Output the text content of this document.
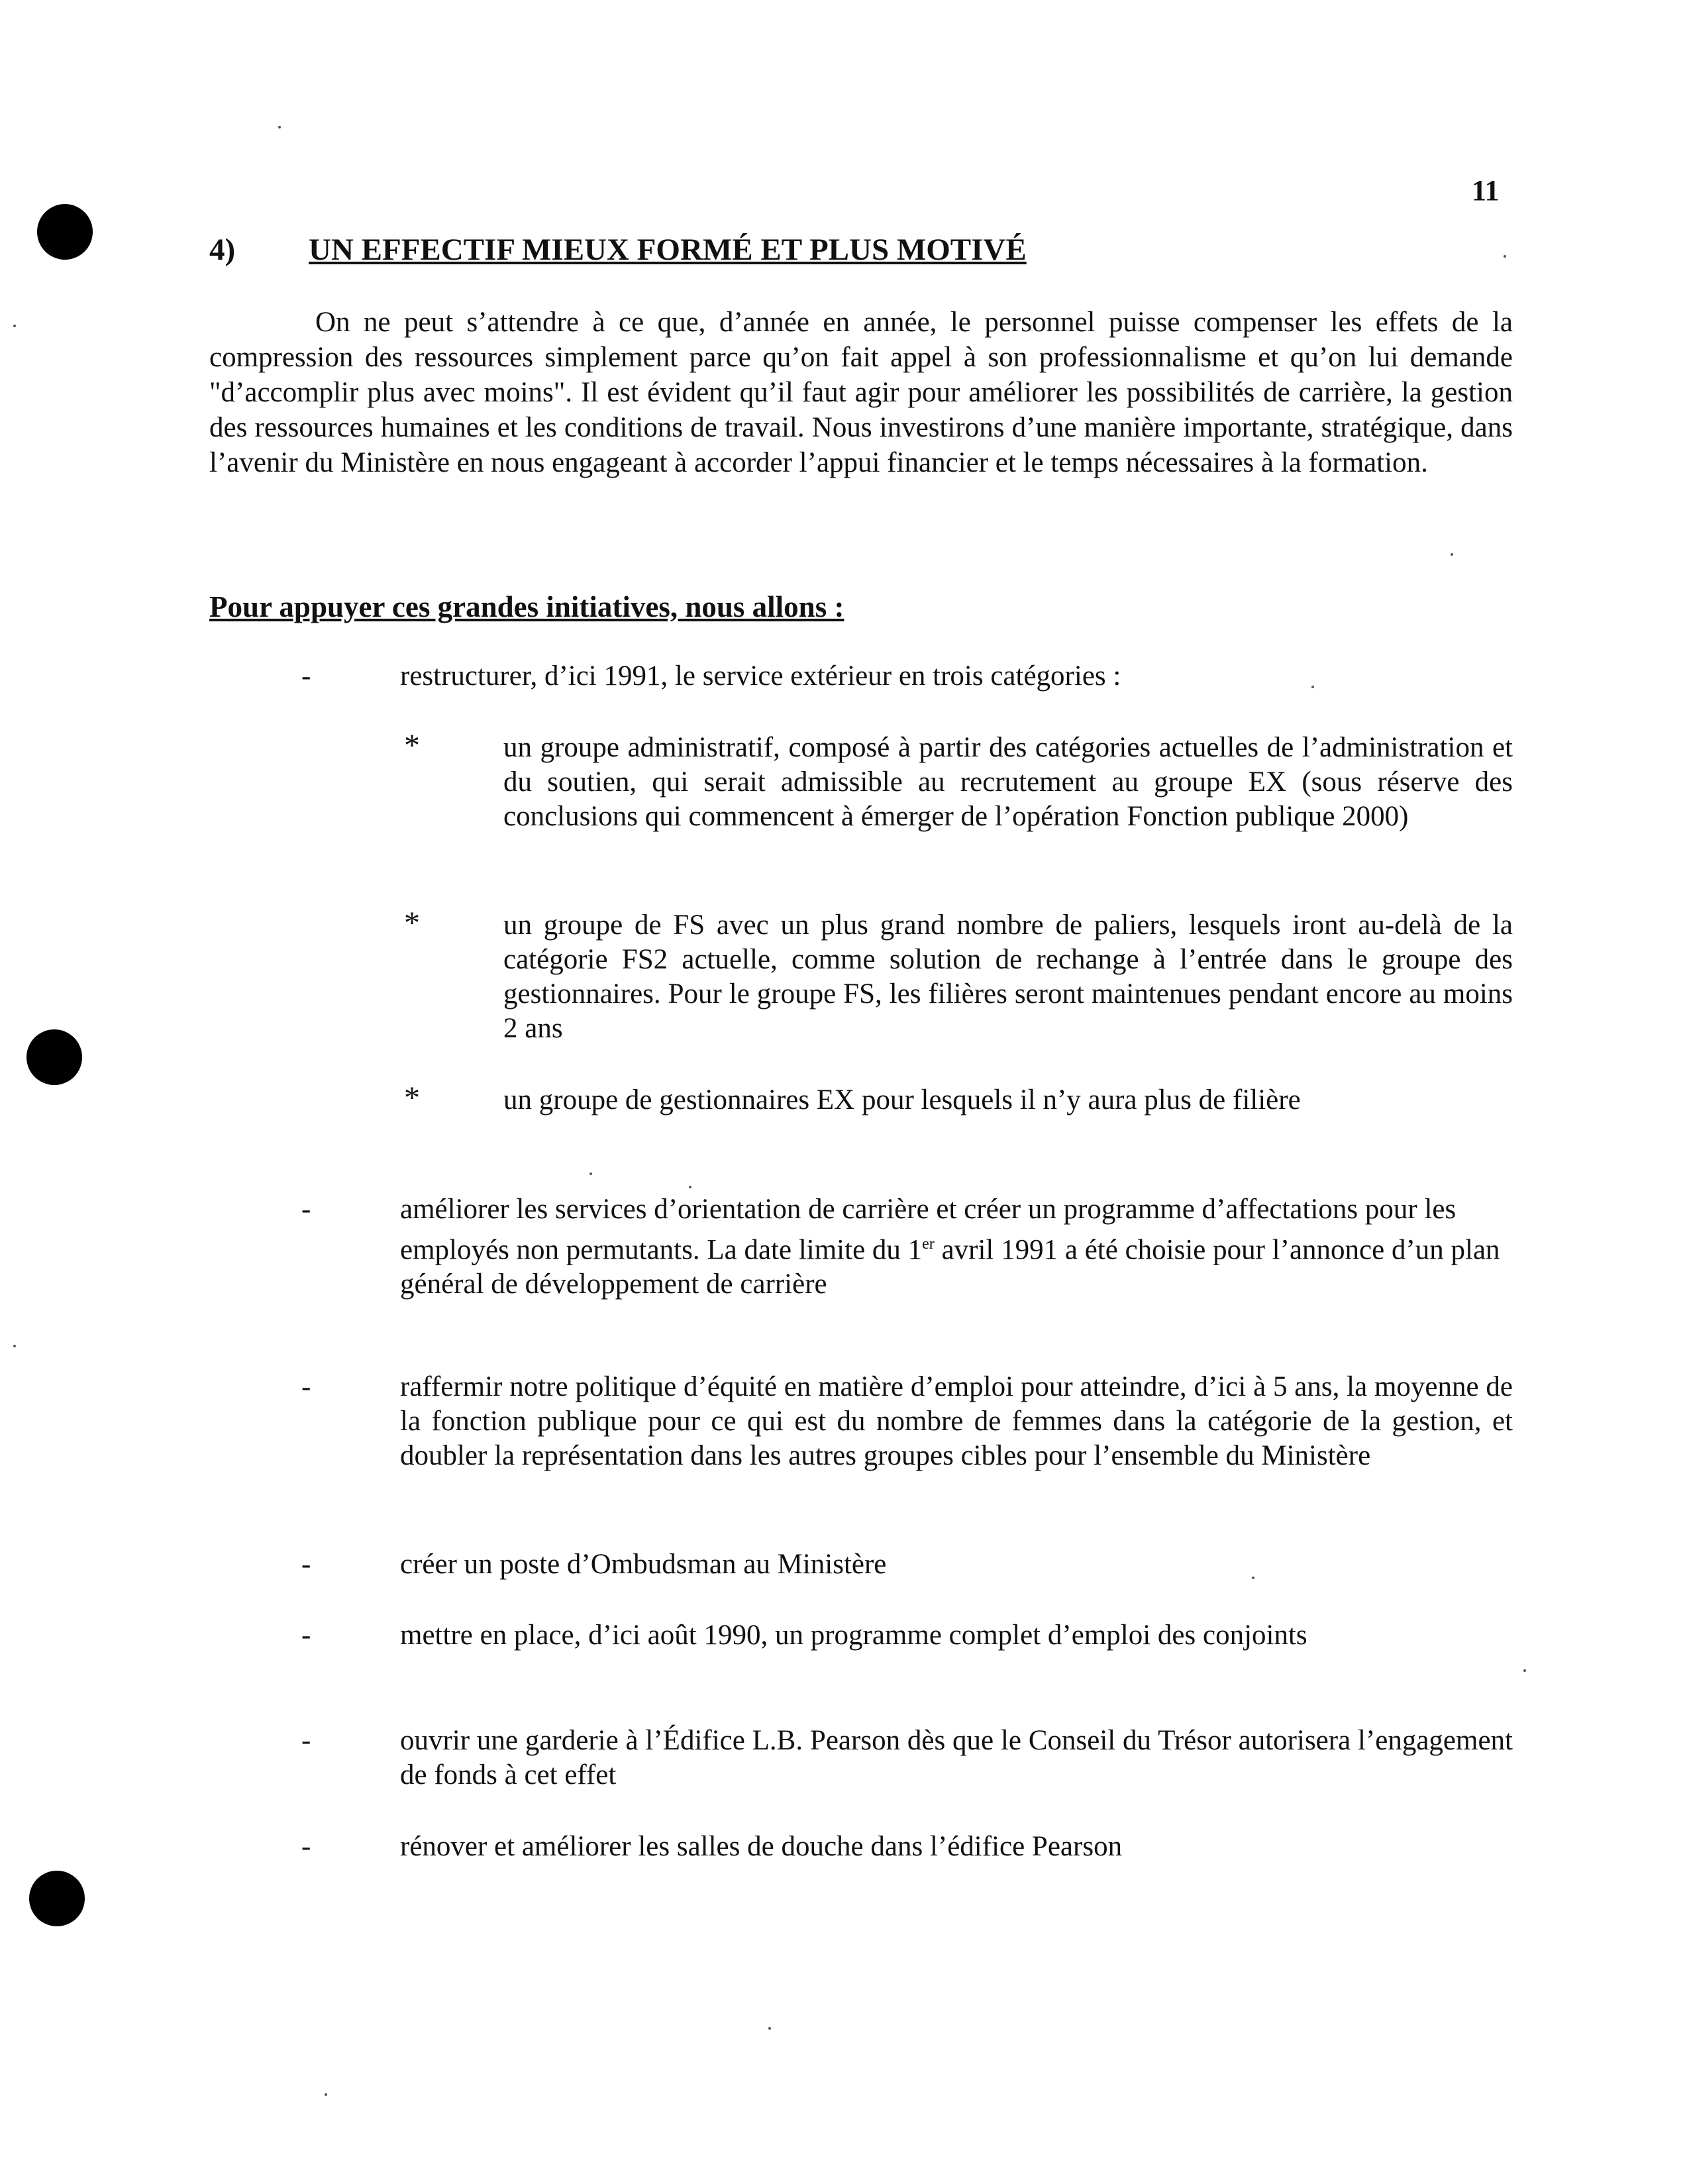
11
4) UN EFFECTIF MIEUX FORMÉ ET PLUS MOTIVÉ

On ne peut s’attendre à ce que, d’année en année, le personnel puisse compenser les effets de la compression des ressources simplement parce qu’on fait appel à son professionnalisme et qu’on lui demande "d’accomplir plus avec moins". Il est évident qu’il faut agir pour améliorer les possibilités de carrière, la gestion des ressources humaines et les conditions de travail. Nous investirons d’une manière importante, stratégique, dans l’avenir du Ministère en nous engageant à accorder l’appui financier et le temps nécessaires à la formation.

Pour appuyer ces grandes initiatives, nous allons :
-	restructurer, d’ici 1991, le service extérieur en trois catégories :
*	un groupe administratif, composé à partir des catégories actuelles de l’administration et du soutien, qui serait admissible au recrutement au groupe EX (sous réserve des conclusions qui commencent à émerger de l’opération Fonction publique 2000)
*	un groupe de FS avec un plus grand nombre de paliers, lesquels iront au-delà de la catégorie FS2 actuelle, comme solution de rechange à l’entrée dans le groupe des gestionnaires. Pour le groupe FS, les filières seront maintenues pendant encore au moins 2 ans
*	un groupe de gestionnaires EX pour lesquels il n’y aura plus de filière
-	améliorer les services d’orientation de carrière et créer un programme d’affectations pour les employés non permutants. La date limite du 1er avril 1991 a été choisie pour l’annonce d’un plan général de développement de carrière
-	raffermir notre politique d’équité en matière d’emploi pour atteindre, d’ici à 5 ans, la moyenne de la fonction publique pour ce qui est du nombre de femmes dans la catégorie de la gestion, et doubler la représentation dans les autres groupes cibles pour l’ensemble du Ministère
-	créer un poste d’Ombudsman au Ministère
-	mettre en place, d’ici août 1990, un programme complet d’emploi des conjoints
-	ouvrir une garderie à l’Édifice L.B. Pearson dès que le Conseil du Trésor autorisera l’engagement de fonds à cet effet
-	rénover et améliorer les salles de douche dans l’édifice Pearson
